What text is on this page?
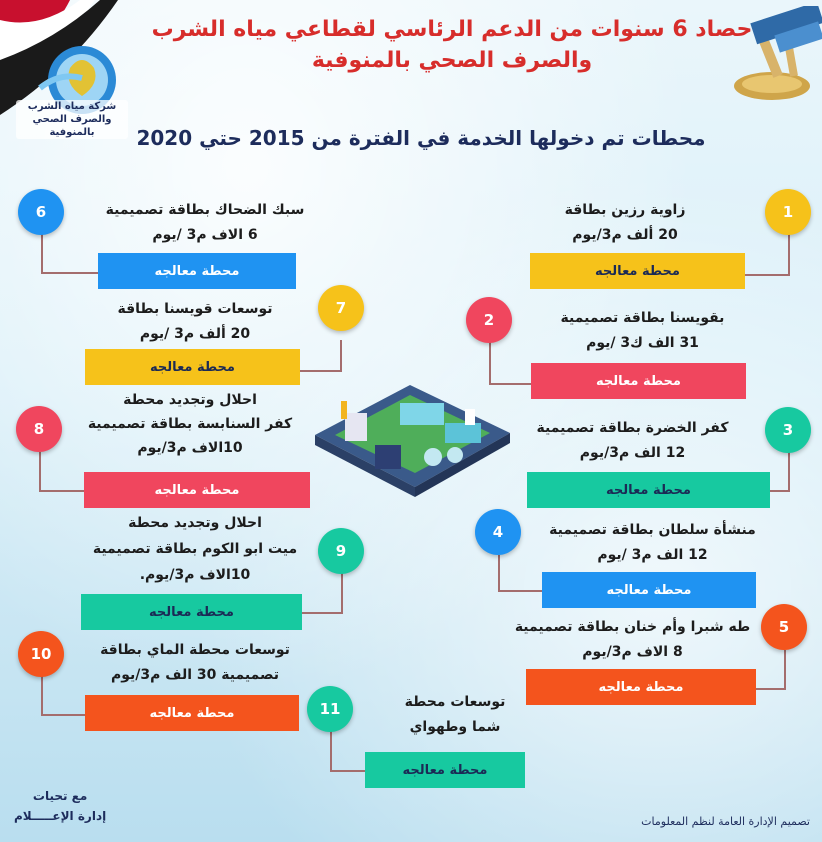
شركة مياه الشرب
والصرف الصحي بالمنوفية
حصاد 6 سنوات من الدعم الرئاسي لقطاعي مياه الشرب
والصرف الصحي بالمنوفية
محطات تم دخولها الخدمة في الفترة من 2015 حتي 2020
1
زاوية رزين بطاقة
20 ألف م3/يوم
محطة معالجه
2	بقويسنا بطاقة تصميمية
31 الف ك3 /يوم
محطة معالجه
3
كفر الخضرة بطاقة تصميمية
12 الف م3/يوم
محطة معالجه
4	منشأة سلطان بطاقة تصميمية
12 الف م3 /يوم
محطة معالجه
5
طه شبرا وأم خنان بطاقة تصميمية
8 الاف م3/يوم
محطة معالجه
6	سبك الضحاك بطاقة تصميمية
6 الاف م3 /يوم
محطة معالجه
7
توسعات قويسنا بطاقة
20 ألف م3 /يوم
محطة معالجه
8
احلال وتجديد محطة
كفر السنابسة بطاقة تصميمية
10الاف م3/يوم
محطة معالجه
9
احلال وتجديد محطة
ميت ابو الكوم بطاقة تصميمية
10الاف م3/يوم.
محطة معالجه
10	توسعات محطة الماي بطاقة
تصميمية 30 الف م3/يوم
محطة معالجه	11	توسعات محطة
شما وطهواي
محطة معالجه
تصميم الإدارة العامة لنظم المعلومات
مع تحيات
إدارة الإعـــــلام
